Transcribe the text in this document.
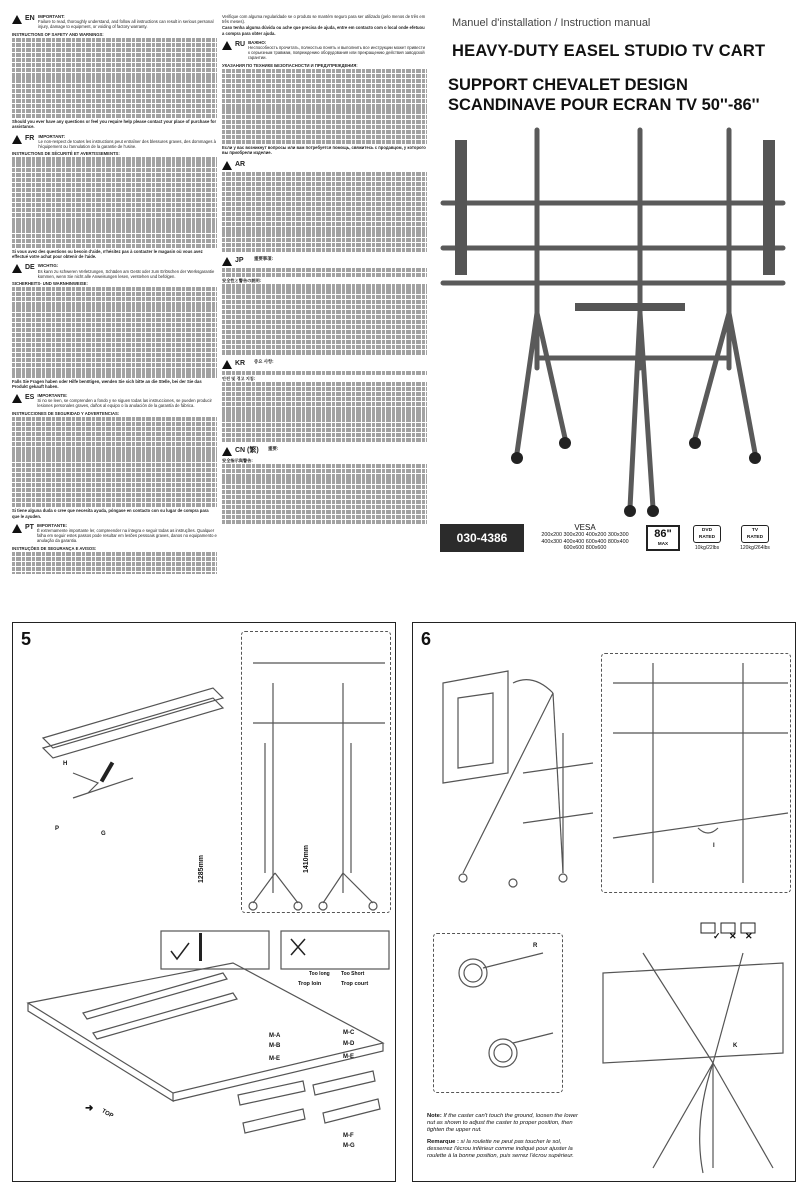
EN IMPORTANT:
Failure to read, thoroughly understand, and follow all instructions can result in serious personal injury, damage to equipment, or voiding of factory warranty.
INSTRUCTIONS OF SAFETY AND WARNINGS:
Should you ever have any questions or feel you require help please contact your place of purchase for assistance.
FR IMPORTANT:
Le non-respect de toutes les instructions peut entraîner des blessures graves, des dommages à l'équipement ou l'annulation de la garantie de l'usine.
INSTRUCTIONS DE SÉCURITÉ ET AVERTISSEMENTS:
Si vous avez des questions ou besoin d'aide, n'hésitez pas à contacter le magasin où vous avez effectué votre achat pour obtenir de l'aide.
DE WICHTIG:
Es kann zu schweren Verletzungen, Schäden am Gerät oder zum Erlöschen der Werksgarantie kommen, wenn Sie nicht alle Anweisungen lesen, verstehen und befolgen.
SICHERHEITS- UND WARNHINWEISE:
Falls Sie Fragen haben oder Hilfe benötigen, wenden Sie sich bitte an die Stelle, bei der Sie das Produkt gekauft haben.
ES IMPORTANTE:
Si no se leen, se comprenden a fondo y se siguen todas las instrucciones, se pueden producir lesiones personales graves, daños al equipo o la anulación de la garantía de fábrica.
INSTRUCCIONES DE SEGURIDAD Y ADVERTENCIAS:
Si tiene alguna duda o cree que necesita ayuda, póngase en contacto con su lugar de compra para que le ayuden.
PT IMPORTANTE:
É extremamente importante ler, compreender na íntegra e seguir todas as instruções. Qualquer falha em seguir estes passos pode resultar em lesões pessoais graves, danos no equipamento e anulação da garantia.
INSTRUÇÕES DE SEGURANÇA E AVISOS:
Verifique com alguma regularidade se o produto se mantém seguro para ser utilizado (pelo menos de três em três meses).
Caso tenha alguma dúvida ou ache que precisa de ajuda, entre em contacto com o local onde efetuou a compra para obter ajuda.
RU ВАЖНО:
Неспособность прочитать, полностью понять и выполнить все инструкции может привести к серьезным травмам, повреждению оборудования или прекращению действия заводской гарантии.
УКАЗАНИЯ ПО ТЕХНИКЕ БЕЗОПАСНОСТИ И ПРЕДУПРЕЖДЕНИЯ:
Если у вас возникнут вопросы или вам потребуется помощь, свяжитесь с продавцом, у которого вы приобрели изделие.
AR
JP	重要事項:
安全性と警告の説明:
KR	중요 사항:
안전 및 경고 지침:
CN (繁)	重要:
安全指示與警告:
Manuel d'installation / Instruction manual
HEAVY-DUTY EASEL STUDIO TV CART
SUPPORT CHEVALET DESIGN
SCANDINAVE POUR ECRAN TV 50''-86''
030-4386
VESA
200x200 300x200 400x200 300x300
400x300 400x400 600x400 800x400
600x600 800x600
86"
MAX
DVD
RATED
10kg/22lbs
TV
RATED
120kg/264lbs
5
H
P
G
1285mm	1410mm
Too long Too Short
Trop loin	Trop court
M-A
M-B
M-E
M-C
M-D
M-E
M-F
M-G
TOP
➜
6
I
R
K
✓ ✕ ✕
Note: If the caster can't touch the ground, loosen the lower nut as shown to adjust the caster to proper position, then tighten the upper nut.
Remarque : si la roulette ne peut pas toucher le sol, desserrez l'écrou inférieur comme indiqué pour ajuster la roulette à la bonne position, puis serrez l'écrou supérieur.
